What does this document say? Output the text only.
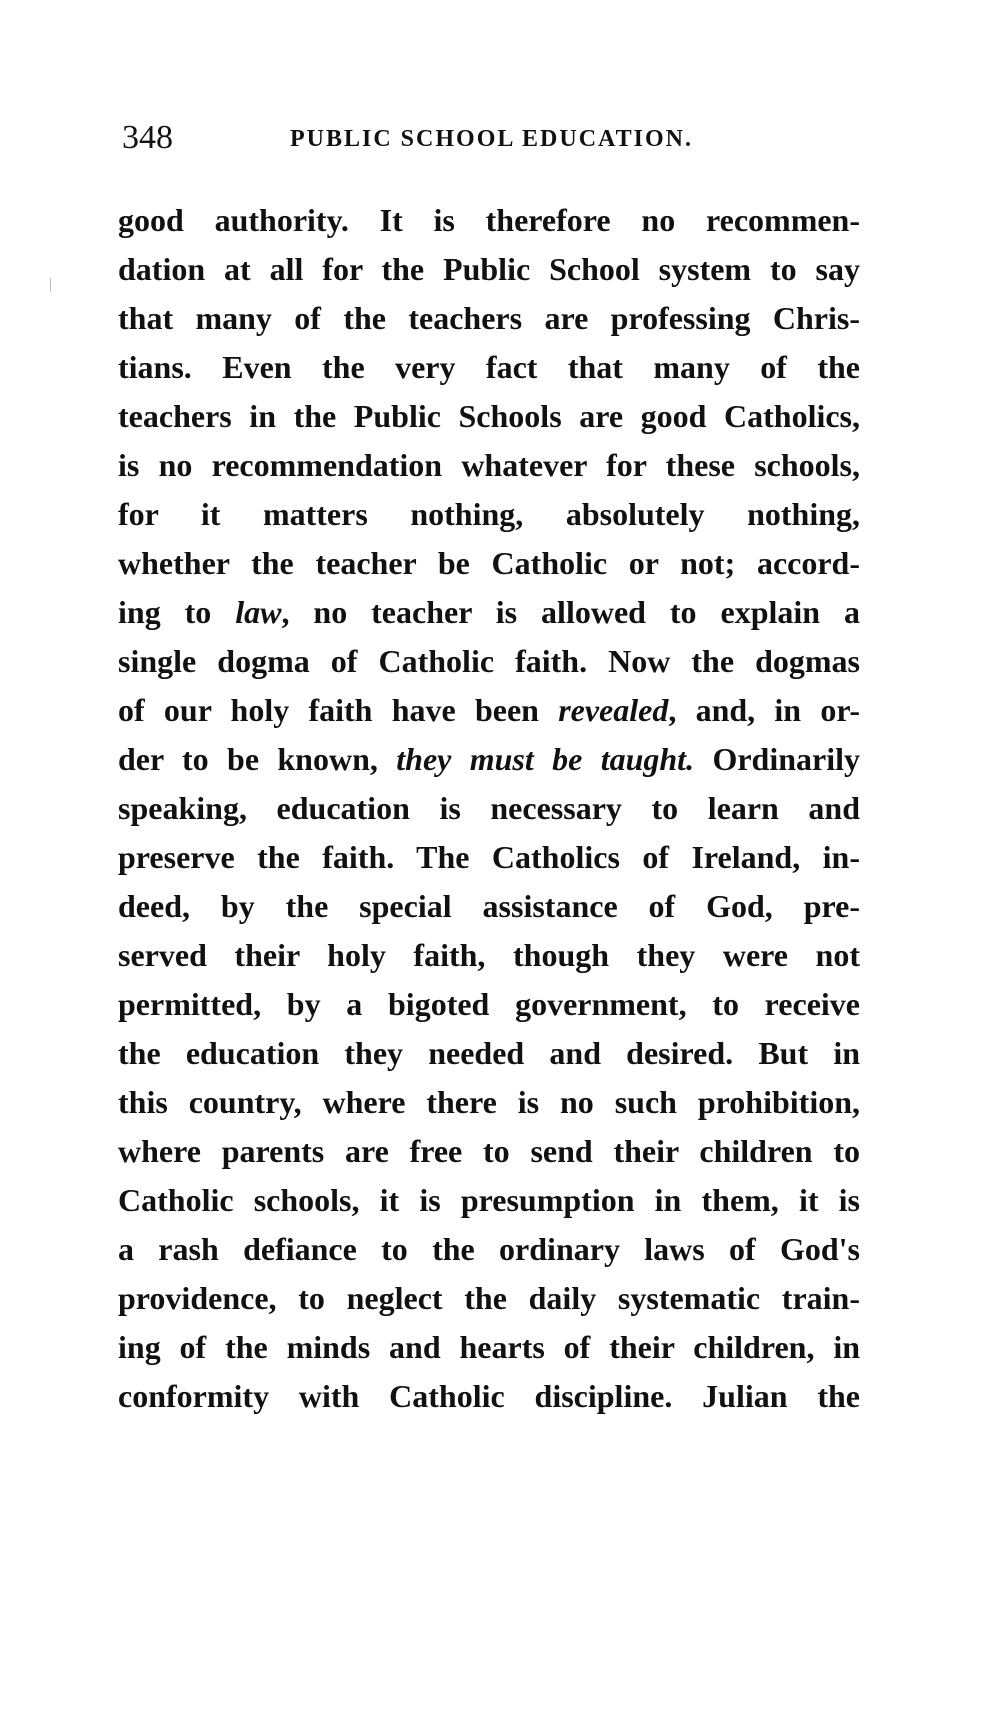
348	PUBLIC SCHOOL EDUCATION.
good authority. It is therefore no recommen-
dation at all for the Public School system to say
that many of the teachers are professing Chris-
tians. Even the very fact that many of the
teachers in the Public Schools are good Catholics,
is no recommendation whatever for these schools,
for it matters nothing, absolutely nothing,
whether the teacher be Catholic or not; accord-
ing to law, no teacher is allowed to explain a
single dogma of Catholic faith. Now the dogmas
of our holy faith have been revealed, and, in or-
der to be known, they must be taught. Ordinarily
speaking, education is necessary to learn and
preserve the faith. The Catholics of Ireland, in-
deed, by the special assistance of God, pre-
served their holy faith, though they were not
permitted, by a bigoted government, to receive
the education they needed and desired. But in
this country, where there is no such prohibition,
where parents are free to send their children to
Catholic schools, it is presumption in them, it is
a rash defiance to the ordinary laws of God's
providence, to neglect the daily systematic train-
ing of the minds and hearts of their children, in
conformity with Catholic discipline. Julian the
